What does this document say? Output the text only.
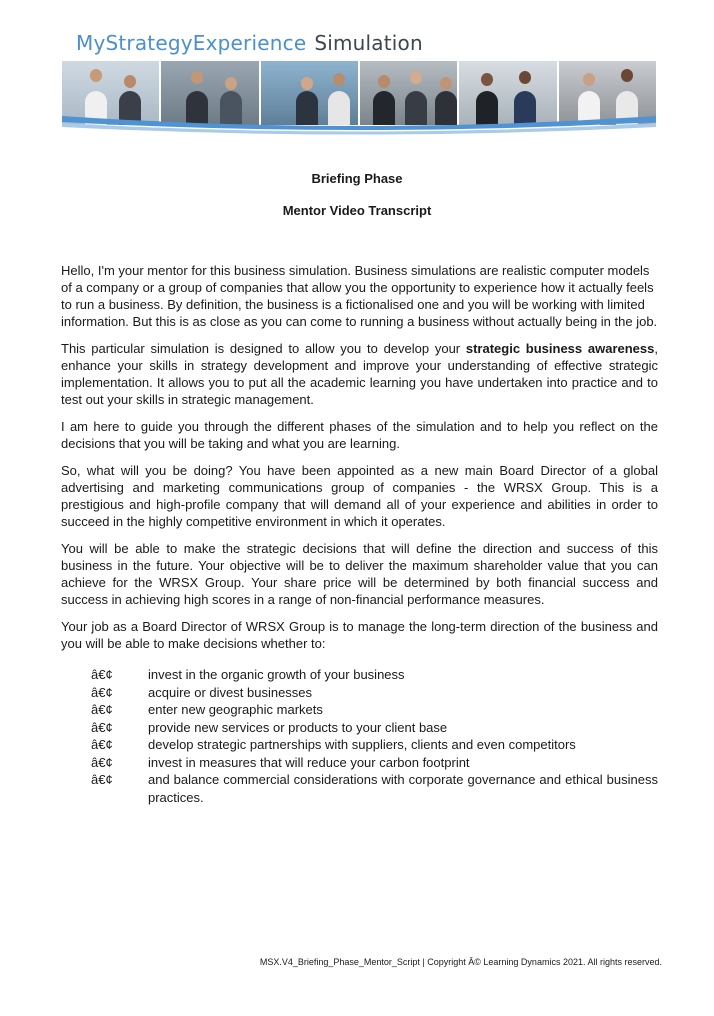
MyStrategyExperience Simulation
Briefing Phase
Mentor Video Transcript

Hello, I'm your mentor for this business simulation. Business simulations are realistic computer models of a company or a group of companies that allow you the opportunity to experience how it actually feels to run a business. By definition, the business is a fictionalised one and you will be working with limited information. But this is as close as you can come to running a business without actually being in the job.

This particular simulation is designed to allow you to develop your strategic business awareness, enhance your skills in strategy development and improve your understanding of effective strategic implementation. It allows you to put all the academic learning you have undertaken into practice and to test out your skills in strategic management.

I am here to guide you through the different phases of the simulation and to help you reflect on the decisions that you will be taking and what you are learning.

So, what will you be doing? You have been appointed as a new main Board Director of a global advertising and marketing communications group of companies - the WRSX Group. This is a prestigious and high-profile company that will demand all of your experience and abilities in order to succeed in the highly competitive environment in which it operates.

You will be able to make the strategic decisions that will define the direction and success of this business in the future. Your objective will be to deliver the maximum shareholder value that you can achieve for the WRSX Group. Your share price will be determined by both financial success and success in achieving high scores in a range of non-financial performance measures.

Your job as a Board Director of WRSX Group is to manage the long-term direction of the business and you will be able to make decisions whether to:

â€¢	invest in the organic growth of your business
â€¢	acquire or divest businesses
â€¢	enter new geographic markets
â€¢	provide new services or products to your client base
â€¢	develop strategic partnerships with suppliers, clients and even competitors
â€¢	invest in measures that will reduce your carbon footprint
â€¢	and balance commercial considerations with corporate governance and ethical business practices.
MSX.V4_Briefing_Phase_Mentor_Script | Copyright Â© Learning Dynamics 2021. All rights reserved.
